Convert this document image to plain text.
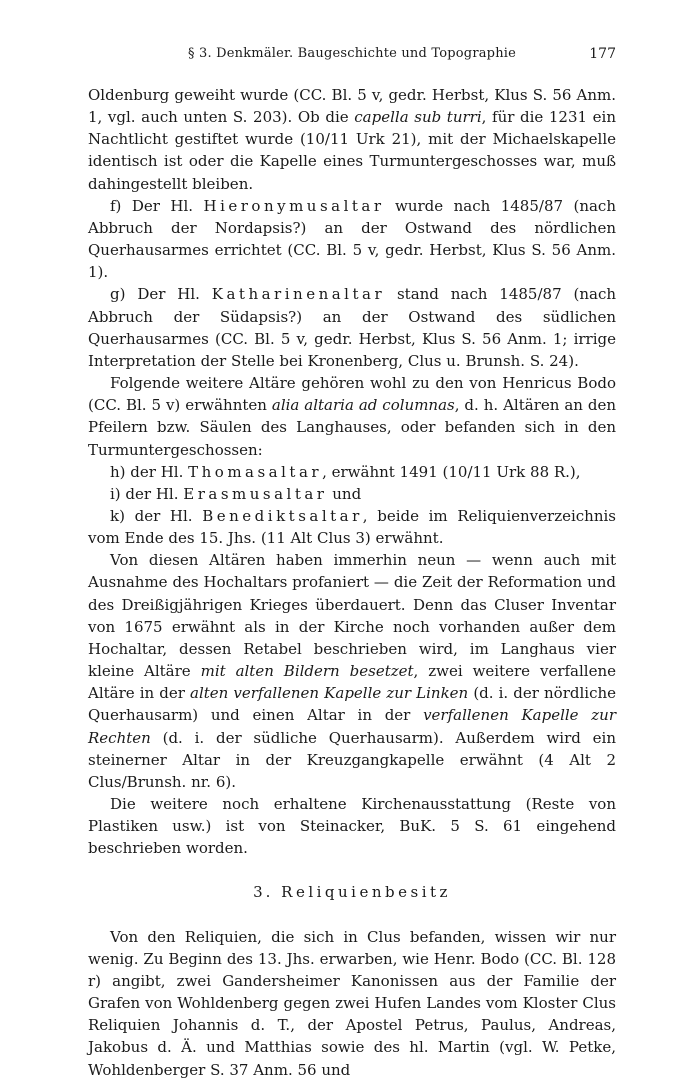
§ 3. Denkmäler. Baugeschichte und Topographie	177

Oldenburg geweiht wurde (CC. Bl. 5 v, gedr. Herbst, Klus S. 56 Anm. 1, vgl. auch unten S. 203). Ob die capella sub turri, für die 1231 ein Nachtlicht gestiftet wurde (10/11 Urk 21), mit der Michaelskapelle identisch ist oder die Kapelle eines Turmuntergeschosses war, muß dahingestellt bleiben.

f) Der Hl. Hieronymusaltar wurde nach 1485/87 (nach Abbruch der Nordapsis?) an der Ostwand des nördlichen Querhausarmes errichtet (CC. Bl. 5 v, gedr. Herbst, Klus S. 56 Anm. 1).

g) Der Hl. Katharinenaltar stand nach 1485/87 (nach Abbruch der Südapsis?) an der Ostwand des südlichen Querhausarmes (CC. Bl. 5 v, gedr. Herbst, Klus S. 56 Anm. 1; irrige Interpretation der Stelle bei Kronenberg, Clus u. Brunsh. S. 24).

Folgende weitere Altäre gehören wohl zu den von Henricus Bodo (CC. Bl. 5 v) erwähnten alia altaria ad columnas, d. h. Altären an den Pfeilern bzw. Säulen des Langhauses, oder befanden sich in den Turmuntergeschossen:

h) der Hl. Thomasaltar, erwähnt 1491 (10/11 Urk 88 R.),

i) der Hl. Erasmusaltar und

k) der Hl. Benediktsaltar, beide im Reliquienverzeichnis vom Ende des 15. Jhs. (11 Alt Clus 3) erwähnt.

Von diesen Altären haben immerhin neun — wenn auch mit Ausnahme des Hochaltars profaniert — die Zeit der Reformation und des Dreißigjährigen Krieges überdauert. Denn das Cluser Inventar von 1675 erwähnt als in der Kirche noch vorhanden außer dem Hochaltar, dessen Retabel beschrieben wird, im Langhaus vier kleine Altäre mit alten Bildern besetzet, zwei weitere verfallene Altäre in der alten verfallenen Kapelle zur Linken (d. i. der nördliche Querhausarm) und einen Altar in der verfallenen Kapelle zur Rechten (d. i. der südliche Querhausarm). Außerdem wird ein steinerner Altar in der Kreuzgangkapelle erwähnt (4 Alt 2 Clus/Brunsh. nr. 6).

Die weitere noch erhaltene Kirchenausstattung (Reste von Plastiken usw.) ist von Steinacker, BuK. 5 S. 61 eingehend beschrieben worden.

3. Reliquienbesitz

Von den Reliquien, die sich in Clus befanden, wissen wir nur wenig. Zu Beginn des 13. Jhs. erwarben, wie Henr. Bodo (CC. Bl. 128 r) angibt, zwei Gandersheimer Kanonissen aus der Familie der Grafen von Wohldenberg gegen zwei Hufen Landes vom Kloster Clus Reliquien Johannis d. T., der Apostel Petrus, Paulus, Andreas, Jakobus d. Ä. und Matthias sowie des hl. Martin (vgl. W. Petke, Wohldenberger S. 37 Anm. 56 und
